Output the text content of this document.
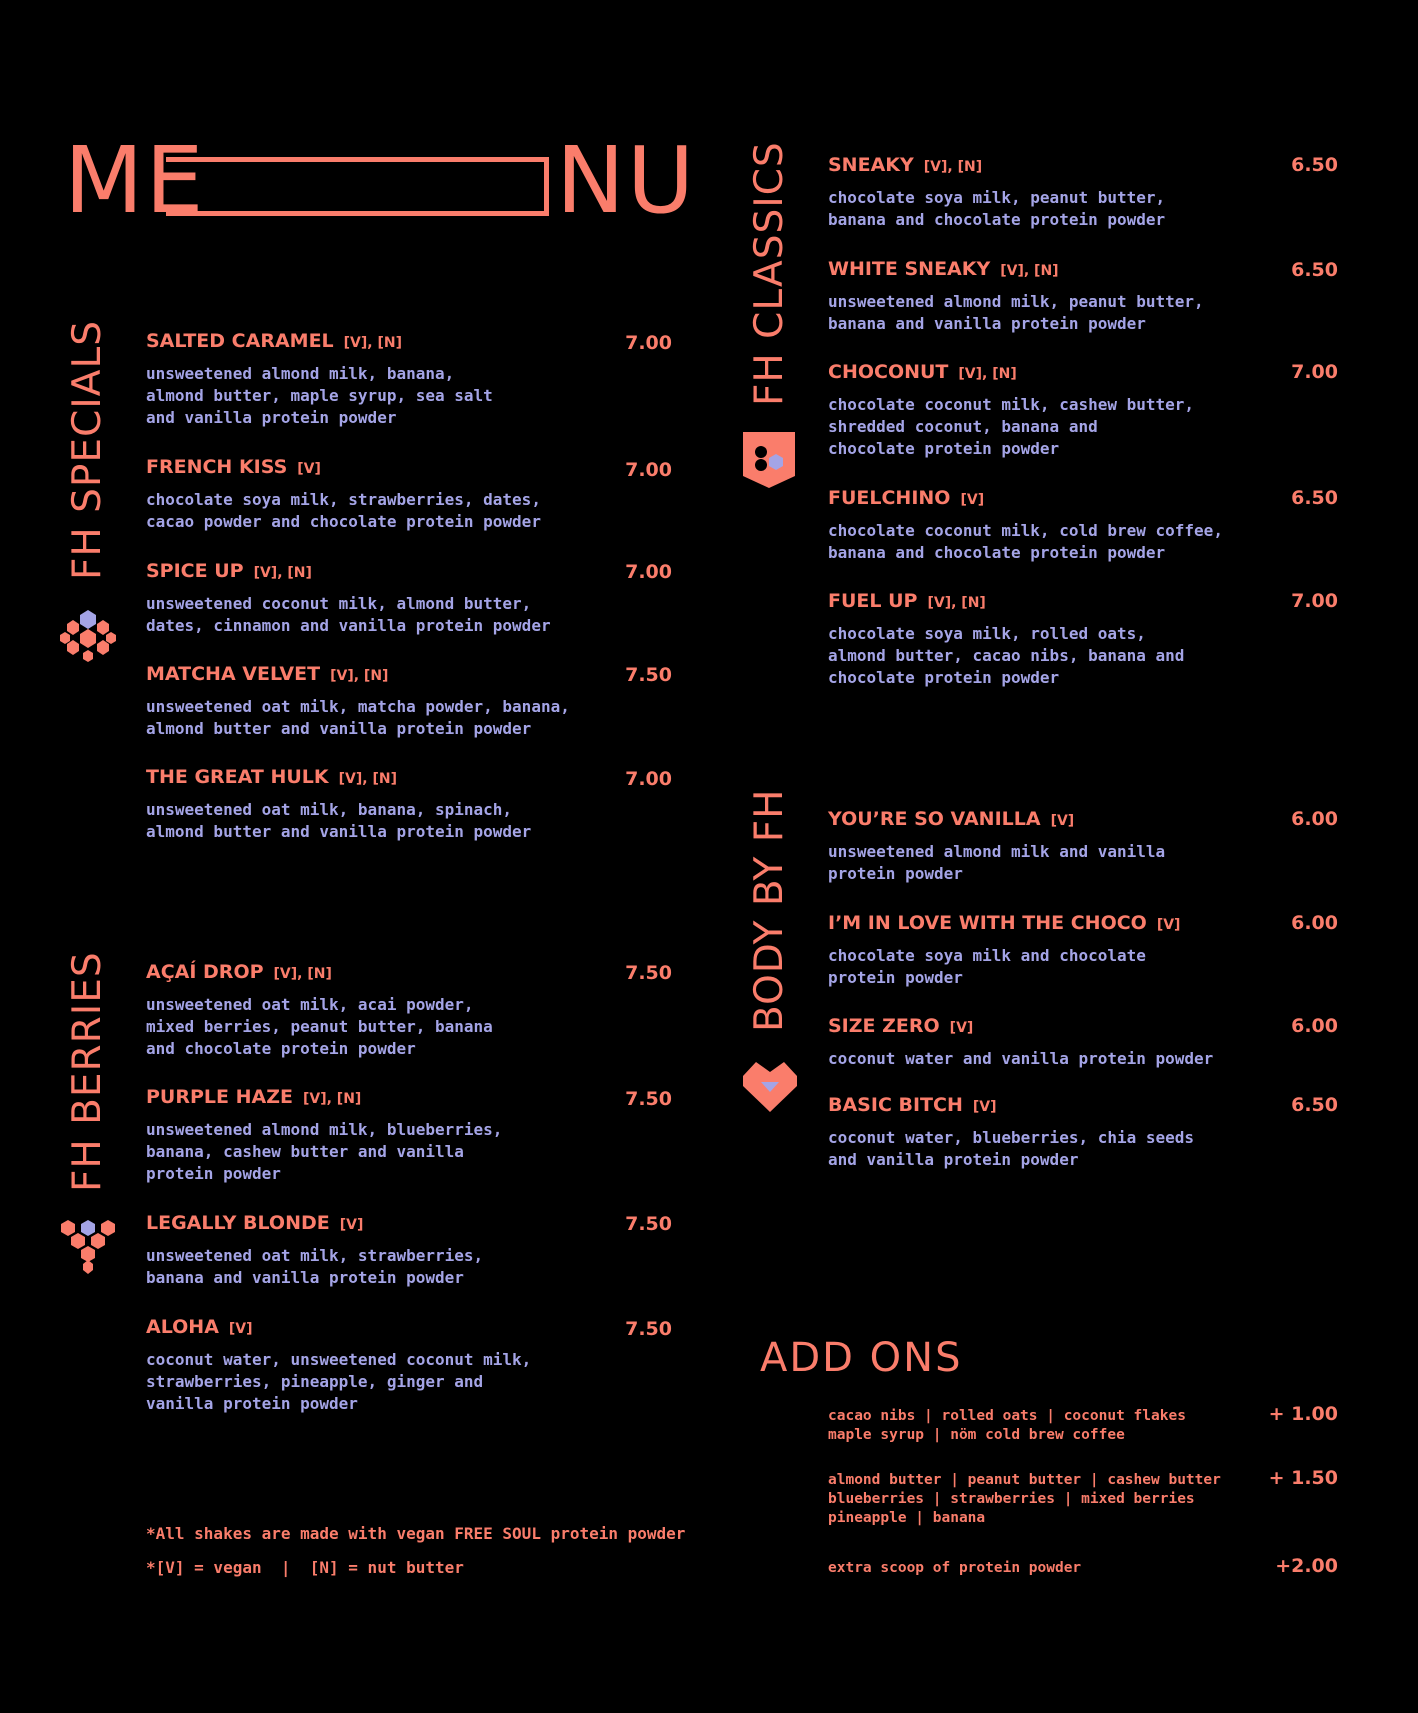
ME	NU
FH SPECIALS
FH BERRIES
FH CLASSICS
BODY BY FH
SALTED CARAMEL [V], [N]
unsweetened almond milk, banana,
almond butter, maple syrup, sea salt
and vanilla protein powder
7.00
FRENCH KISS [V]
chocolate soya milk, strawberries, dates,
cacao powder and chocolate protein powder
7.00
SPICE UP [V], [N]
unsweetened coconut milk, almond butter,
dates, cinnamon and vanilla protein powder
7.00
MATCHA VELVET [V], [N]
unsweetened oat milk, matcha powder, banana,
almond butter and vanilla protein powder
7.50
THE GREAT HULK [V], [N]
unsweetened oat milk, banana, spinach,
almond butter and vanilla protein powder
7.00
AÇAÍ DROP [V], [N]
unsweetened oat milk, acai powder,
mixed berries, peanut butter, banana
and chocolate protein powder
7.50
PURPLE HAZE [V], [N]
unsweetened almond milk, blueberries,
banana, cashew butter and vanilla
protein powder
7.50
LEGALLY BLONDE [V]
unsweetened oat milk, strawberries,
banana and vanilla protein powder
7.50
ALOHA [V]
coconut water, unsweetened coconut milk,
strawberries, pineapple, ginger and
vanilla protein powder
7.50
SNEAKY [V], [N]
chocolate soya milk, peanut butter,
banana and chocolate protein powder
6.50
WHITE SNEAKY [V], [N]
unsweetened almond milk, peanut butter,
banana and vanilla protein powder
6.50
CHOCONUT [V], [N]
chocolate coconut milk, cashew butter,
shredded coconut, banana and
chocolate protein powder
7.00
FUELCHINO [V]
chocolate coconut milk, cold brew coffee,
banana and chocolate protein powder
6.50
FUEL UP [V], [N]
chocolate soya milk, rolled oats,
almond butter, cacao nibs, banana and
chocolate protein powder
7.00
YOU’RE SO VANILLA [V]
unsweetened almond milk and vanilla
protein powder
6.00
I’M IN LOVE WITH THE CHOCO [V]
chocolate soya milk and chocolate
protein powder
6.00
SIZE ZERO [V]
coconut water and vanilla protein powder
6.00
BASIC BITCH [V]
coconut water, blueberries, chia seeds
and vanilla protein powder
6.50
*All shakes are made with vegan FREE SOUL protein powder
*[V] = vegan  |  [N] = nut butter
ADD ONS
cacao nibs | rolled oats | coconut flakes
maple syrup | nöm cold brew coffee
+ 1.00
almond butter | peanut butter | cashew butter
blueberries | strawberries | mixed berries
pineapple | banana
+ 1.50
extra scoop of protein powder	+2.00
